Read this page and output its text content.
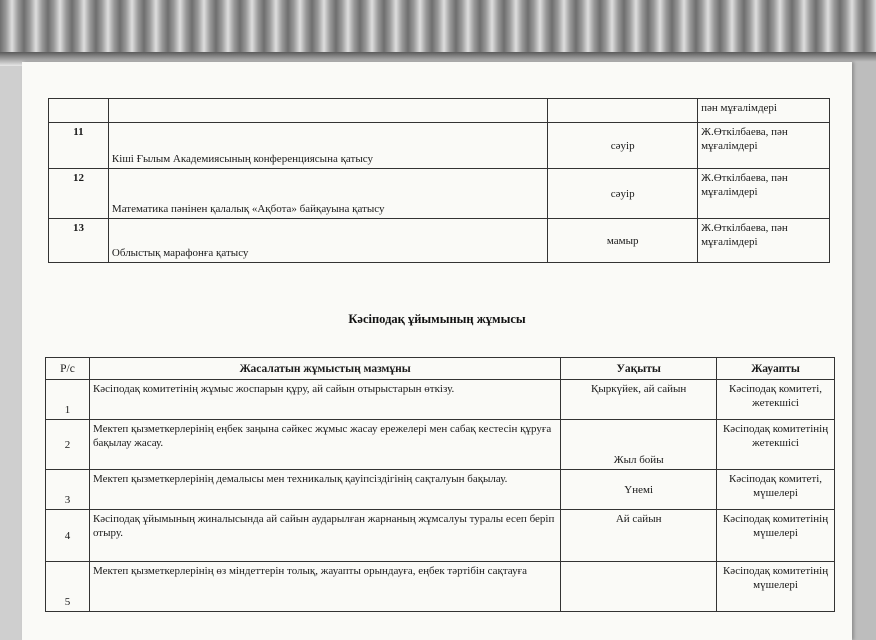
			пән мұғалімдері
11	Кіші Ғылым Академиясының конференциясына қатысу	сәуір	Ж.Өткілбаева, пән мұғалімдері
12	Математика пәнінен қалалық «Ақбота» байқауына қатысу	сәуір	Ж.Өткілбаева, пән мұғалімдері
13	Облыстық марафонға қатысу	мамыр	Ж.Өткілбаева, пән мұғалімдері
Кәсіподақ ұйымының жұмысы
Р/с	Жасалатын жұмыстың мазмұны	Уақыты	Жауапты
1	Кәсіподақ комитетінің жұмыс жоспарын құру, ай сайын отырыстарын өткізу.	Қыркүйек, ай сайын	Кәсіподақ комитеті, жетекшісі
2	Мектеп қызметкерлерінің еңбек заңына сәйкес жұмыс жасау ережелері мен сабақ кестесін құруға бақылау жасау.	Жыл бойы	Кәсіподақ комитетінің жетекшісі
3	Мектеп қызметкерлерінің демалысы мен техникалық қауіпсіздігінің сақталуын бақылау.	Үнемі	Кәсіподақ комитеті, мүшелері
4	Кәсіподақ ұйымының жиналысында ай сайын аударылған жарнаның жұмсалуы туралы есеп беріп отыру.	Ай сайын	Кәсіподақ комитетінің мүшелері
5	Мектеп қызметкерлерінің өз міндеттерін толық, жауапты орындауға, еңбек тәртібін сақтауға		Кәсіподақ комитетінің мүшелері
